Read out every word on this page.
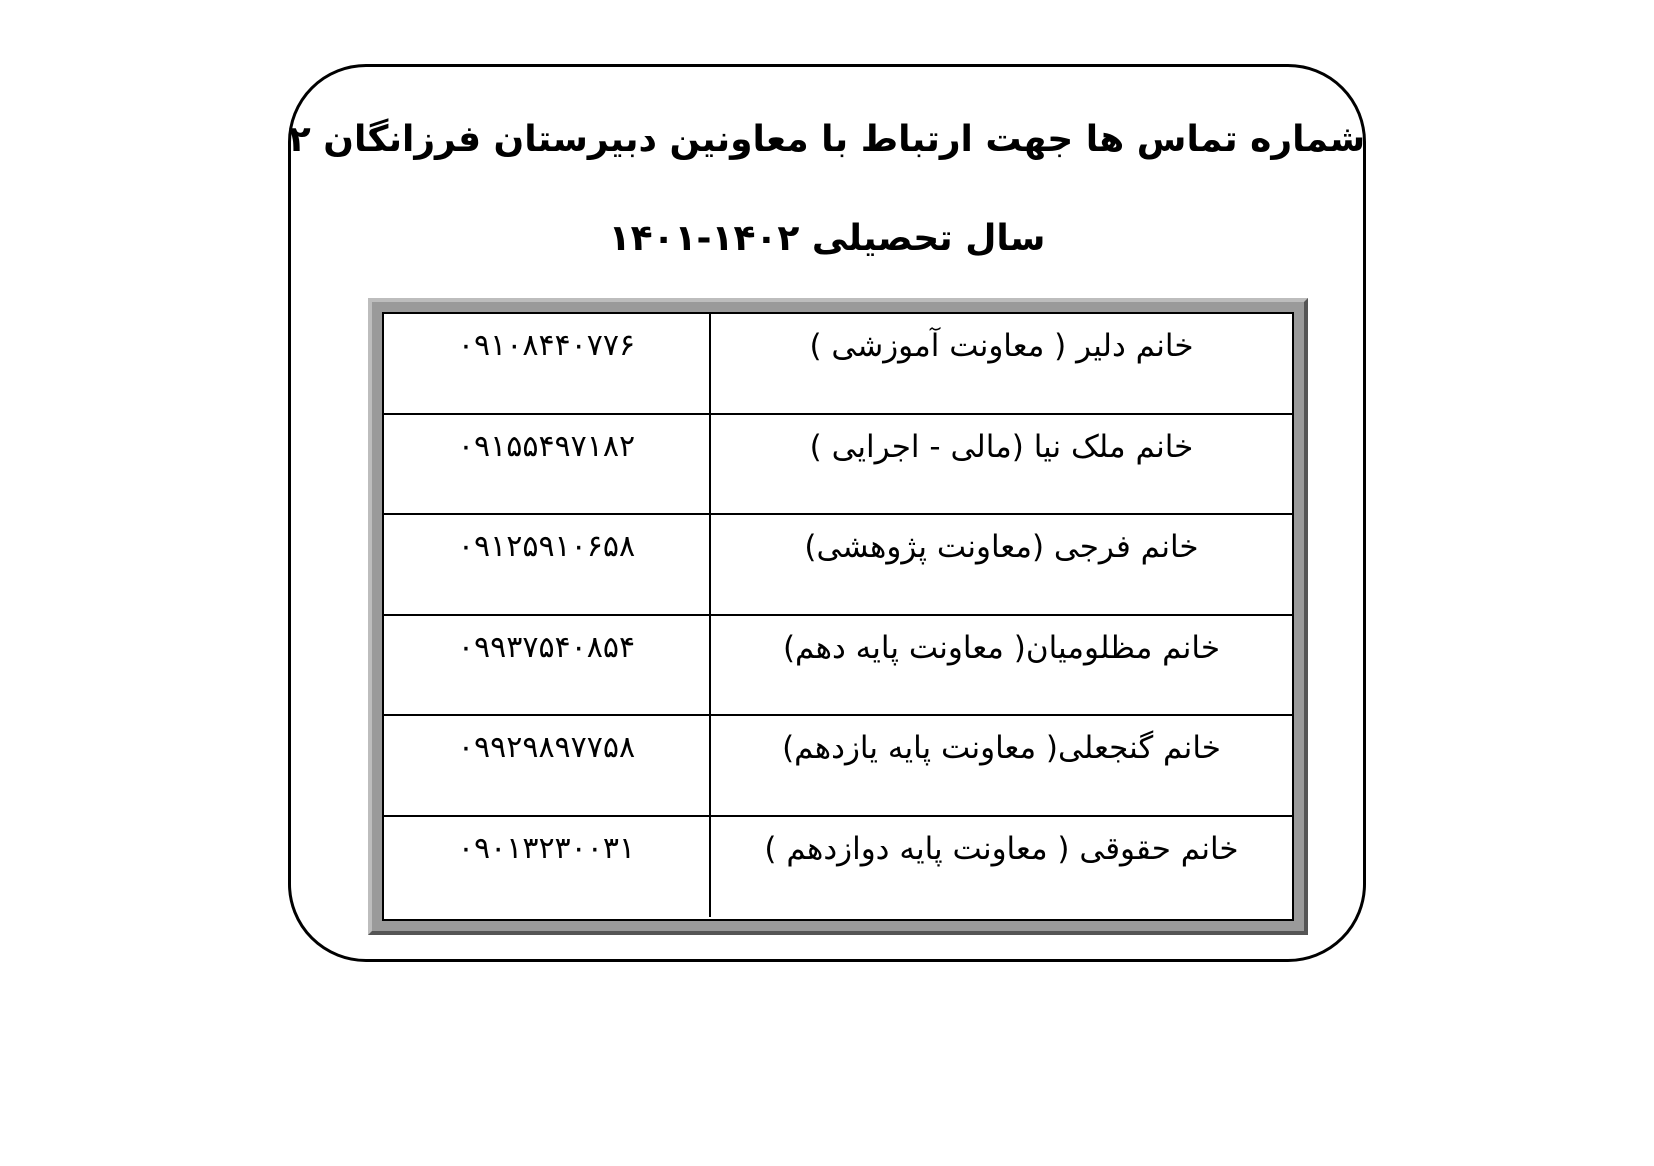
شماره تماس ها جهت ارتباط با معاونین دبیرستان فرزانگان ۲
سال تحصیلی ۱۴۰۲-۱۴۰۱
۰۹۱۰۸۴۴۰۷۷۶	خانم دلیر ( معاونت آموزشی )
۰۹۱۵۵۴۹۷۱۸۲	خانم ملک نیا (مالی - اجرایی )
۰۹۱۲۵۹۱۰۶۵۸	خانم فرجی (معاونت پژوهشی)
۰۹۹۳۷۵۴۰۸۵۴	خانم مظلومیان( معاونت پایه دهم)
۰۹۹۲۹۸۹۷۷۵۸	خانم گنجعلی( معاونت پایه یازدهم)
۰۹۰۱۳۲۳۰۰۳۱	خانم حقوقی ( معاونت پایه دوازدهم )
